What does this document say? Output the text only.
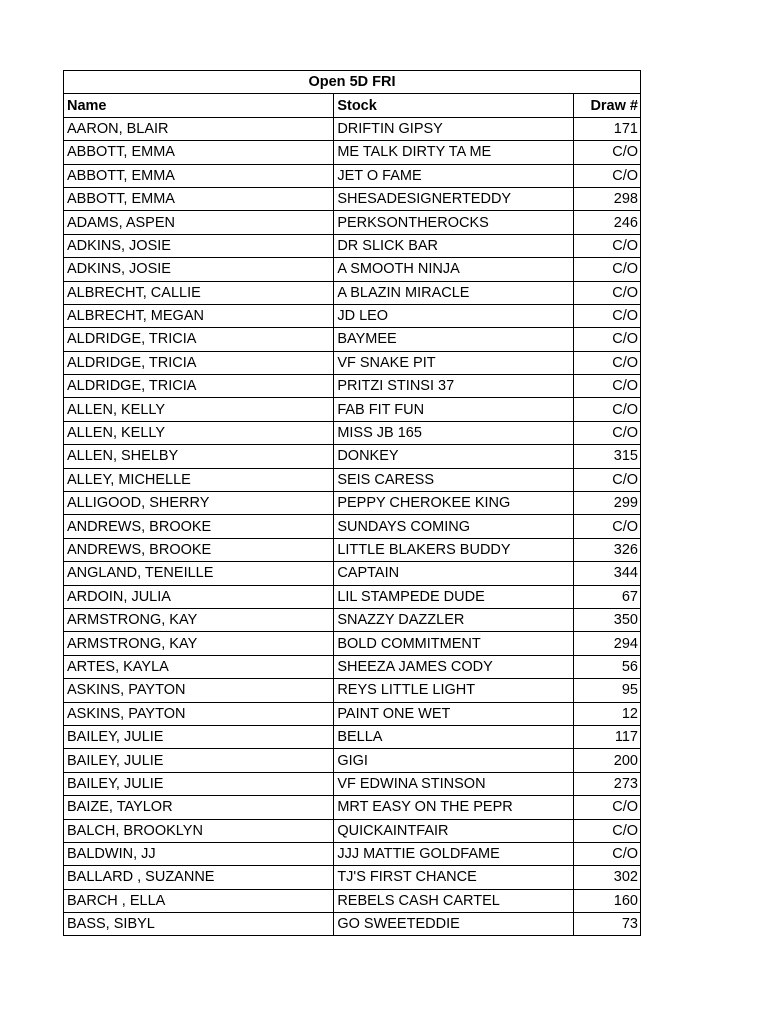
Open 5D FRI		
Name	Stock	Draw #
AARON, BLAIR	DRIFTIN GIPSY	171
ABBOTT, EMMA	ME TALK DIRTY TA ME	C/O
ABBOTT, EMMA	JET O FAME	C/O
ABBOTT, EMMA	SHESADESIGNERTEDDY	298
ADAMS, ASPEN	PERKSONTHEROCKS	246
ADKINS, JOSIE	DR SLICK BAR	C/O
ADKINS, JOSIE	A SMOOTH NINJA	C/O
ALBRECHT, CALLIE	A BLAZIN MIRACLE	C/O
ALBRECHT, MEGAN	JD LEO	C/O
ALDRIDGE, TRICIA	BAYMEE	C/O
ALDRIDGE, TRICIA	VF SNAKE PIT	C/O
ALDRIDGE, TRICIA	PRITZI STINSI 37	C/O
ALLEN, KELLY	FAB FIT FUN	C/O
ALLEN, KELLY	MISS JB 165	C/O
ALLEN, SHELBY	DONKEY	315
ALLEY, MICHELLE	SEIS CARESS	C/O
ALLIGOOD, SHERRY	PEPPY CHEROKEE KING	299
ANDREWS, BROOKE	SUNDAYS COMING	C/O
ANDREWS, BROOKE	LITTLE BLAKERS BUDDY	326
ANGLAND, TENEILLE	CAPTAIN	344
ARDOIN, JULIA	LIL STAMPEDE DUDE	67
ARMSTRONG, KAY	SNAZZY DAZZLER	350
ARMSTRONG, KAY	BOLD COMMITMENT	294
ARTES, KAYLA	SHEEZA JAMES CODY	56
ASKINS, PAYTON	REYS LITTLE LIGHT	95
ASKINS, PAYTON	PAINT ONE WET	12
BAILEY, JULIE	BELLA	117
BAILEY, JULIE	GIGI	200
BAILEY, JULIE	VF EDWINA STINSON	273
BAIZE, TAYLOR	MRT EASY ON THE PEPR	C/O
BALCH, BROOKLYN	QUICKAINTFAIR	C/O
BALDWIN, JJ	JJJ MATTIE GOLDFAME	C/O
BALLARD , SUZANNE	TJ'S FIRST CHANCE	302
BARCH , ELLA	REBELS CASH CARTEL	160
BASS, SIBYL	GO SWEETEDDIE	73
